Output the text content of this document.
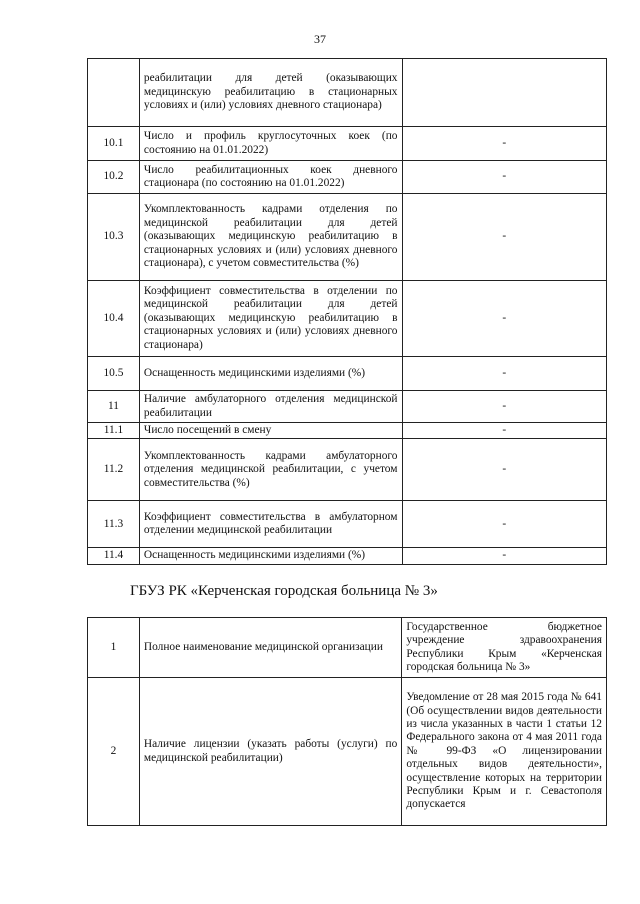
37
	реабилитации для детей (оказывающих медицинскую реабилитацию в стационарных условиях и (или) условиях дневного стационара)	
10.1	Число и профиль круглосуточных коек (по состоянию на 01.01.2022)	-
10.2	Число реабилитационных коек дневного стационара (по состоянию на 01.01.2022)	-
10.3	Укомплектованность кадрами отделения по медицинской реабилитации для детей (оказывающих медицинскую реабилитацию в стационарных условиях и (или) условиях дневного стационара), с учетом совместительства (%)	-
10.4	Коэффициент совместительства в отделении по медицинской реабилитации для детей (оказывающих медицинскую реабилитацию в стационарных условиях и (или) условиях дневного стационара)	-
10.5	Оснащенность медицинскими изделиями (%)	-
11	Наличие амбулаторного отделения медицинской реабилитации	-
11.1	Число посещений в смену	-
11.2	Укомплектованность кадрами амбулаторного отделения медицинской реабилитации, с учетом совместительства (%)	-
11.3	Коэффициент совместительства в амбулаторном отделении медицинской реабилитации	-
11.4	Оснащенность медицинскими изделиями (%)	-
ГБУЗ РК «Керченская городская больница № 3»
1	Полное наименование медицинской организации	Государственное бюджетное учреждение здравоохранения Республики Крым «Керченская городская больница № 3»
2	Наличие лицензии (указать работы (услуги) по медицинской реабилитации)	Уведомление от 28 мая 2015 года № 641 (Об осуществлении видов деятельности из числа указанных в части 1 статьи 12 Федерального закона от 4 мая 2011 года № 99-ФЗ «О лицензировании отдельных видов деятельности», осуществление которых на территории Республики Крым и г. Севастополя допускается
